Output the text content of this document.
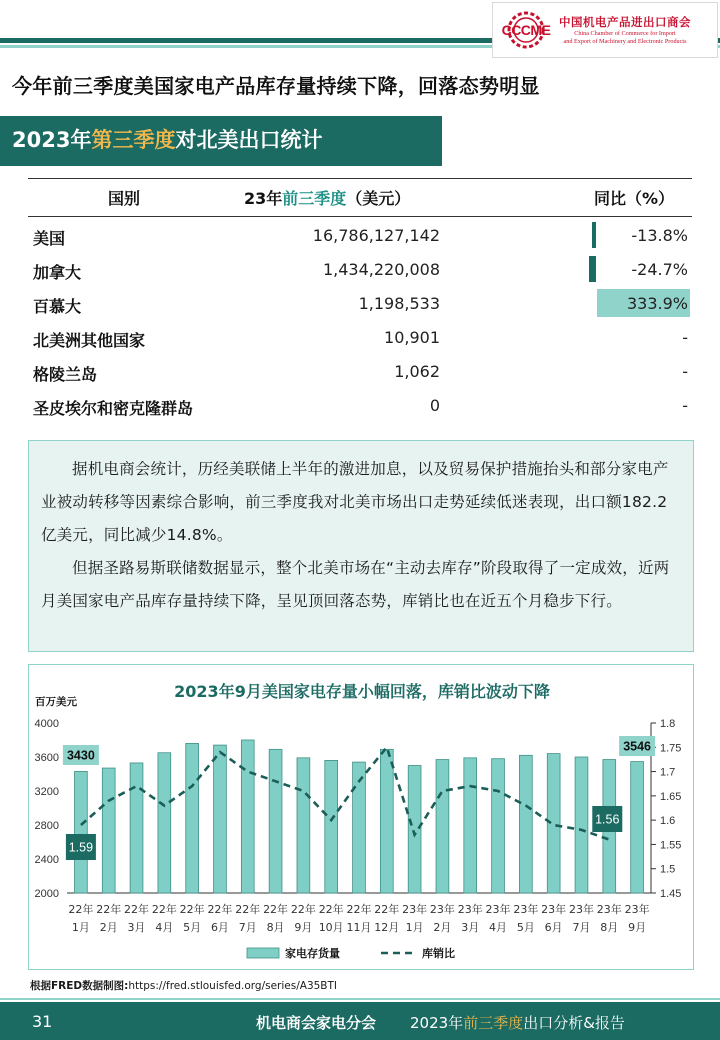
CCCME 中国机电产品进出口商会
China Chamber of Commerce for Import
and Export of Machinery and Electronic Products
今年前三季度美国家电产品库存量持续下降，回落态势明显
2023年第三季度对北美出口统计
国别	23年前三季度（美元）	同比（%）
美国	16,786,127,142	-13.8%
加拿大	1,434,220,008	-24.7%
百慕大	1,198,533	333.9%
北美洲其他国家	10,901	-
格陵兰岛	1,062	-
圣皮埃尔和密克隆群岛	0	-

据机电商会统计，历经美联储上半年的激进加息，以及贸易保护措施抬头和部分家电产业被动转移等因素综合影响，前三季度我对北美市场出口走势延续低迷表现，出口额182.2亿美元，同比减少14.8%。

但据圣路易斯联储数据显示，整个北美市场在“主动去库存”阶段取得了一定成效，近两月美国家电产品库存量持续下降，呈见顶回落态势，库销比也在近五个月稳步下行。

2023年9月美国家电存量小幅回落，库销比波动下降
百万美元
4000
3600
3200
2800
2400
2000
1.8
1.75
1.7
1.65
1.6
1.55
1.5
1.45
22年
1月
22年
2月
22年
3月
22年
4月
22年
5月
22年
6月
22年
7月
22年
8月
22年
9月
22年
10月
22年
11月
22年
12月
23年
1月
23年
2月
23年
3月
23年
4月
23年
5月
23年
6月
23年
7月
23年
8月
23年
9月
3430
3546
1.59
1.56
家电存货量	库销比
根据FRED数据制图:https://fred.stlouisfed.org/series/A35BTI
31	机电商会家电分会 2023年前三季度出口分析&报告
